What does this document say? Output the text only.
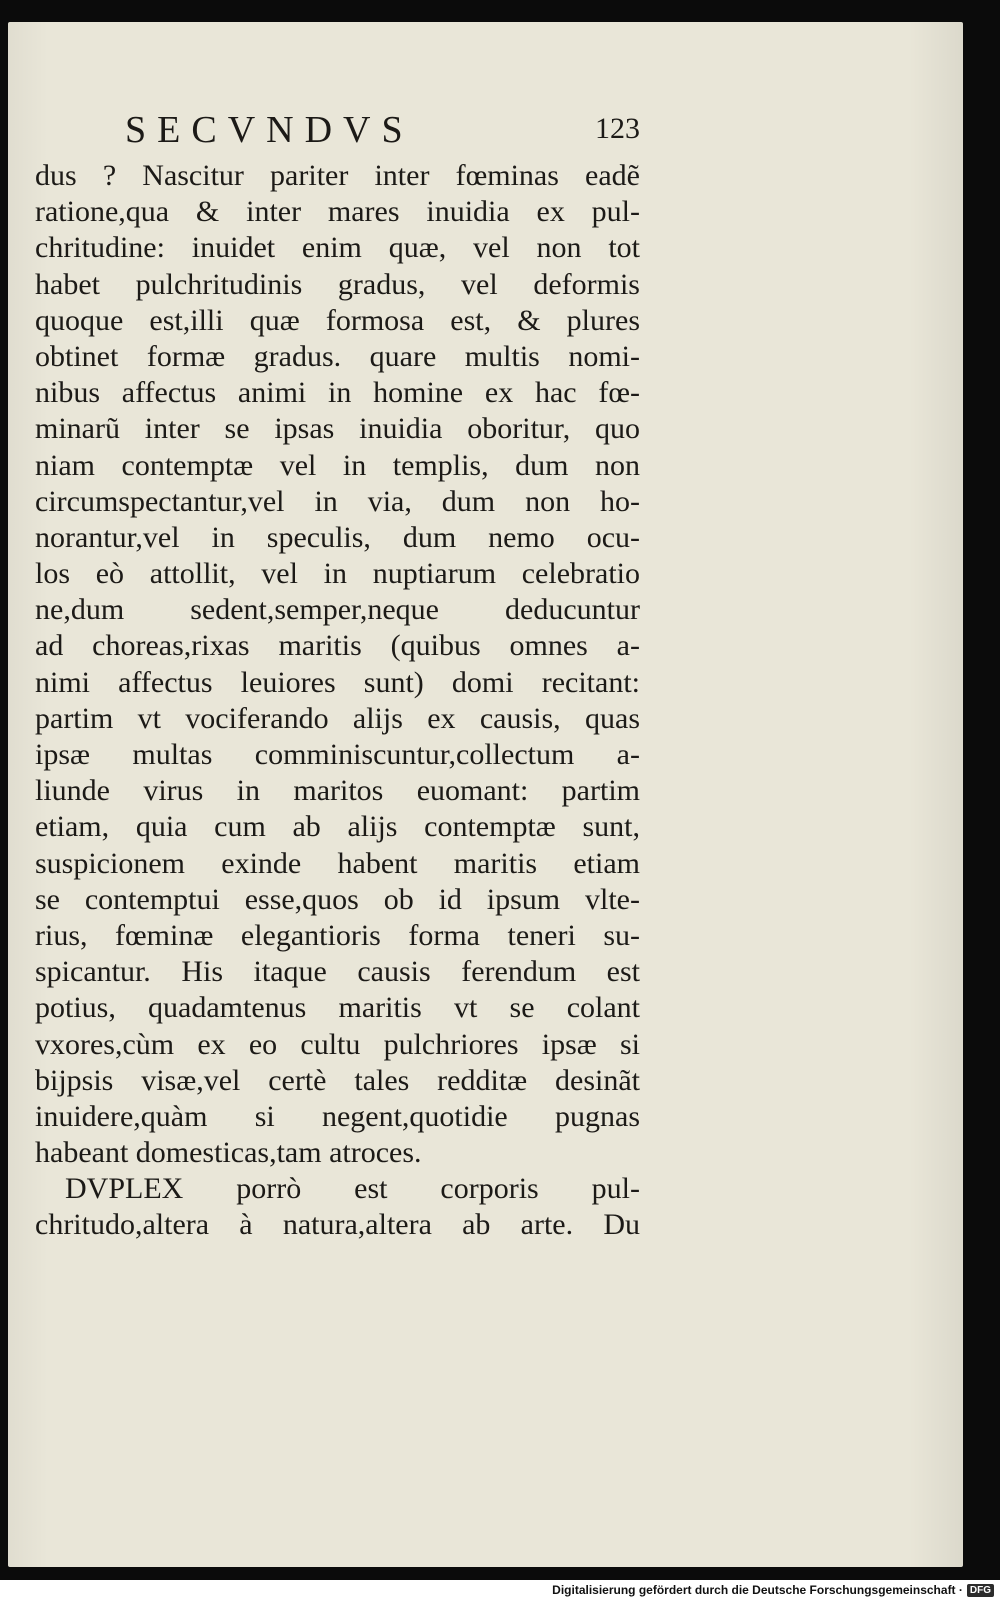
SECVNDVS	123
dus ? Nascitur pariter inter fœminas eadẽ
ratione,qua & inter mares inuidia ex pul-
chritudine: inuidet enim quæ, vel non tot
habet pulchritudinis gradus, vel deformis
quoque est,illi quæ formosa est, & plures
obtinet formæ gradus. quare multis nomi-
nibus affectus animi in homine ex hac fœ-
minarũ inter se ipsas inuidia oboritur, quo
niam contemptæ vel in templis, dum non
circumspectantur,vel in via, dum non ho-
norantur,vel in speculis, dum nemo ocu-
los eò attollit, vel in nuptiarum celebratio
ne,dum sedent,semper,neque deducuntur
ad choreas,rixas maritis (quibus omnes a-
nimi affectus leuiores sunt) domi recitant:
partim vt vociferando alijs ex causis, quas
ipsæ multas comminiscuntur,collectum a-
liunde virus in maritos euomant: partim
etiam, quia cum ab alijs contemptæ sunt,
suspicionem exinde habent maritis etiam
se contemptui esse,quos ob id ipsum vlte-
rius, fœminæ elegantioris forma teneri su-
spicantur. His itaque causis ferendum est
potius, quadamtenus maritis vt se colant
vxores,cùm ex eo cultu pulchriores ipsæ si
bijpsis visæ,vel certè tales redditæ desinãt
inuidere,quàm si negent,quotidie pugnas
habeant domesticas,tam atroces.
DVPLEX porrò est corporis pul-
chritudo,altera à natura,altera ab arte. Du
Digitalisierung gefördert durch die Deutsche Forschungsgemeinschaft · DFG
